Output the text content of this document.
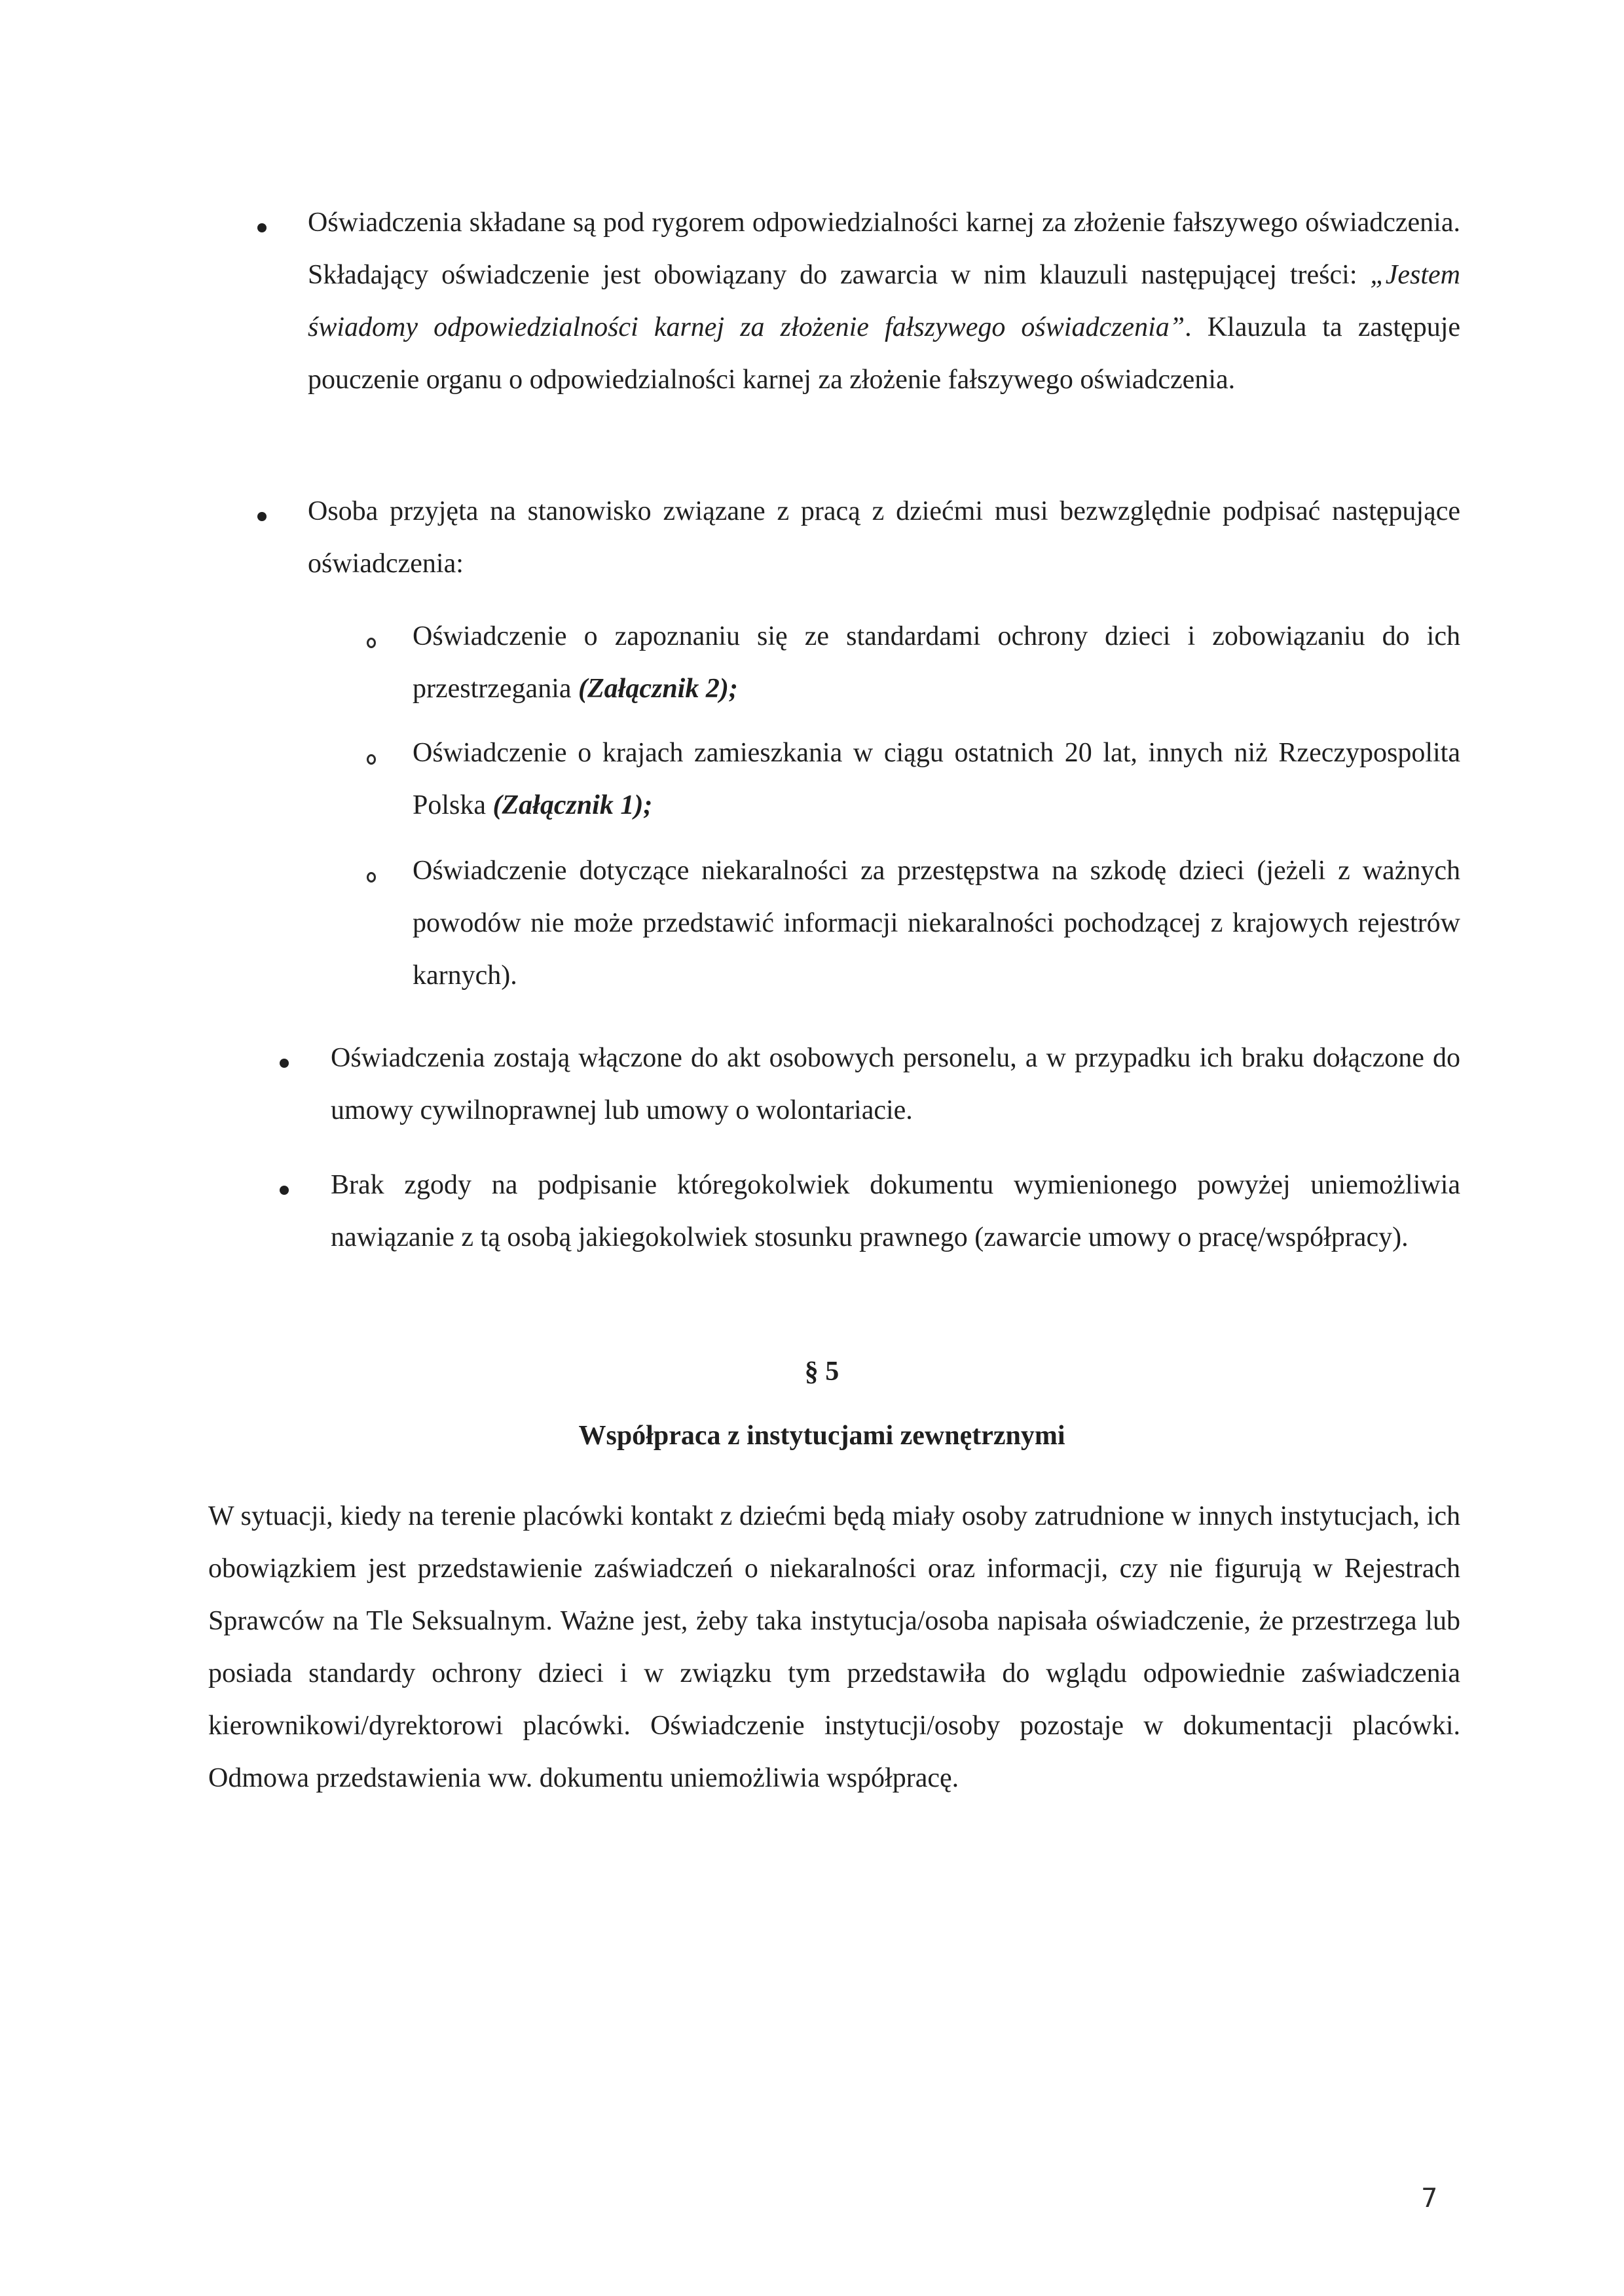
Oświadczenia składane są pod rygorem odpowiedzialności karnej za złożenie fałszywego oświadczenia. Składający oświadczenie jest obowiązany do zawarcia w nim klauzuli następującej treści: „Jestem świadomy odpowiedzialności karnej za złożenie fałszywego oświadczenia”. Klauzula ta zastępuje pouczenie organu o odpowiedzialności karnej za złożenie fałszywego oświadczenia.

Osoba przyjęta na stanowisko związane z pracą z dziećmi musi bezwzględnie podpisać następujące oświadczenia:

Oświadczenie o zapoznaniu się ze standardami ochrony dzieci i zobowiązaniu do ich przestrzegania (Załącznik 2);

Oświadczenie o krajach zamieszkania w ciągu ostatnich 20 lat, innych niż Rzeczypospolita Polska (Załącznik 1);

Oświadczenie dotyczące niekaralności za przestępstwa na szkodę dzieci (jeżeli z ważnych powodów nie może przedstawić informacji niekaralności pochodzącej z krajowych rejestrów karnych).

Oświadczenia zostają włączone do akt osobowych personelu, a w przypadku ich braku dołączone do umowy cywilnoprawnej lub umowy o wolontariacie.

Brak zgody na podpisanie któregokolwiek dokumentu wymienionego powyżej uniemożliwia nawiązanie z tą osobą jakiegokolwiek stosunku prawnego (zawarcie umowy o pracę/współpracy).

§ 5
Współpraca z instytucjami zewnętrznymi

W sytuacji, kiedy na terenie placówki kontakt z dziećmi będą miały osoby zatrudnione w innych instytucjach, ich obowiązkiem jest przedstawienie zaświadczeń o niekaralności oraz informacji, czy nie figurują w Rejestrach Sprawców na Tle Seksualnym. Ważne jest, żeby taka instytucja/osoba napisała oświadczenie, że przestrzega lub posiada standardy ochrony dzieci i w związku tym przedstawiła do wglądu odpowiednie zaświadczenia kierownikowi/dyrektorowi placówki. Oświadczenie instytucji/osoby pozostaje w dokumentacji placówki. Odmowa przedstawienia ww. dokumentu uniemożliwia współpracę.

7
